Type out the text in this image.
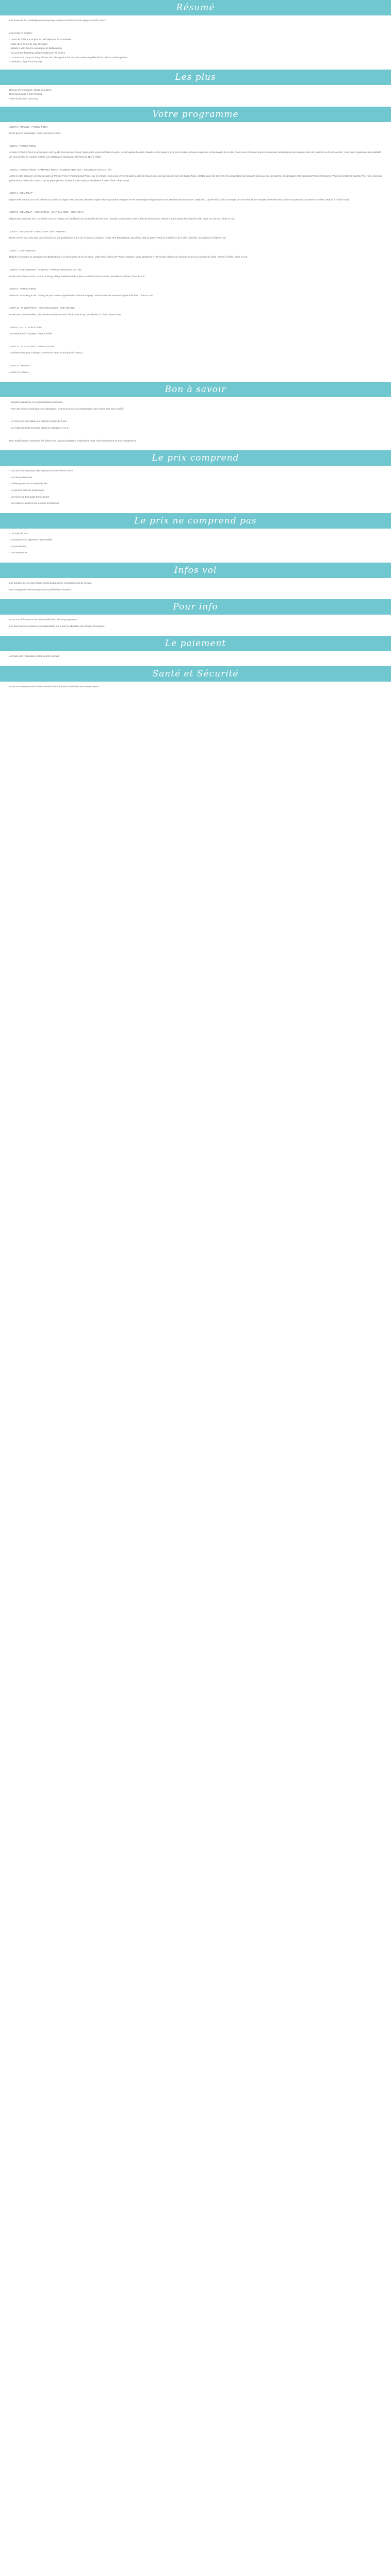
Résumé

Les hauteurs de Cambridge en mini groupe et séjour lumineux sur les pages de Irish Franco

LES POINTS FORTS :

- Lever de soleil aux Angkor et petit déjeuner au monastère

- Visite de la ferme de rose d'Angkor

- Balade à vélo dans la campagne de Battambang

- Découverte d'Oudong, village traditionnel de potiers

- La route Tsai Dong Sa Pang Phnom de Cheung Ek à Phnom pour mieux appréhender la culture cambodgienne

- Extension plage à Koh Rouge

Les plus

Découverte d'Oudong, village de potiers

Extension plage à Koh Rooung

Visite de la route Tsai Dong

Votre programme

JOUR 1 : FRANCE - PHNOM PENH

Envol pour le Cambodge. Nuit et services à bord.

JOUR 2 : PHNOM PENH

Arrivée à Phnom Penh et accueil par votre guide francophone. Dans l'après-midi, visite du Palais Royal et de la Pagode d'Argent. Balade sur les quais le long de la rivière du fleuve à parfaire la découverte de la ville. Vous vous promenez parmi les touristes cambodgiens qui viennent faire de l'exercice en fin de journée. Vous aurez également la possibilité de vous rendre au marché central, voir artisanat et l'ambiance des fleuves. Nuit à l'hôtel.

JOUR 3 : PHNOM PENH - KAMPONG THOM - SAMBOR PREI KUK - SIEM REAP (373 km - 7h)

Après le petit déjeuner, prenez la route de Phnom Penh vers Kampong Thom. Sur le chemin, vous vous arrêterez dans la ville de Skuon, plus connue sous le nom de Spider Town, célèbre pour ses chevres et la dégustation de bananes ainsi que sur un marché. Continuation vers Kampong Thom et déjeuner. Visite du temple de Sambor Prei Kuk, inscrit au patrimoine mondial de l'Unesco et site préangkorien. Arrivée à Siem Reap et installation à votre hôtel. Dîner et nuit.

JOUR 4 : SIEM REAP

Départ très matinal pour voir le lever du soleil sur Angkor Wat. Ensuite, direction Angkor Thom qui abrite le Bayon et ses 200 visages énigmatiques et la Terrasse des Éléphants. Déjeuner. L'après-midi, visite du temple de Ta Prohm et des temples de Preah Khan. Dîner et spectacle de danses khmères. Retour à l'hôtel et nuit.

JOUR 5 : SIEM REAP - KBAL SPEAN - BANTEAY SREI - SIEM REAP

Départ pour Banteay Srei, considéré comme le joyau de l'art khmer de la citadelle des femmes. Ensuite, continuation vers le site de Kbal Spean. Retour à Siem Reap dans l'après-midi. Visite du marché. Dîner et nuit.

JOUR 6 : SIEM REAP - TONLE SAP - BATTAMBANG

Route vers le lac Tonle Sap pour découvrir la vie quotidienne sur le lac à bord d'un bateau. Route vers Battambang, deuxième ville du pays. Visite du marché et de la ville coloniale. Installation à l'hôtel et nuit.

JOUR 7 : BATTAMBANG

Balade à vélo dans la campagne de Battambang à la découverte de la vie rurale. Visite de la colline de Phnom Sampov. Vous assisterez à l'envol des millions de chauves-souris au coucher du soleil. Retour à l'hôtel, dîner et nuit.

JOUR 8 : BATTAMBANG - OUDONG - PHNOM PENH (290 km - 5h)

Route vers Phnom Penh. Arrêt à Oudong, village traditionnel de potiers. Arrivée à Phnom Penh. Installation à l'hôtel. Dîner et nuit.

JOUR 9 : PHNOM PENH

Visite de Tuol Sleng et de Cheung Ek pour mieux appréhender l'histoire du pays. Visite du Musée National. Après-midi libre. Dîner et nuit.

JOUR 10 : PHNOM PENH - SIHANOUKVILLE - KOH ROUNG

Route vers Sihanoukville, puis transfert en bateau vers l'île de Koh Rong. Installation à l'hôtel. Dîner et nuit.

JOURS 11 & 12 : KOH ROUNG

Journées libres à la plage. Nuits à l'hôtel.

JOUR 13 : KOH ROUNG - PHNOM PENH

Transfert retour pour l'aéroport de Phnom Penh. Envol pour la France.

JOUR 14 : FRANCE

Arrivée en France.

Bon à savoir

- Départs garantis de 2 à 12 participants maximum.

- Pour des raisons techniques ou climatiques, le sens du circuit ou l'organisation des visites peut être modifié.

- Le circuit est accessible aux enfants à partir de 8 ans.

- Les hébergements sont des hôtels de catégorie 3* et 4*.

Des modifications concernant les hôtels sont toujours possibles. Cependant, nous vous informerons de tout changement.

Le prix comprend

- Les vols internationaux aller et retour France / Phnom Penh

- Les taxes aériennes

- L'hébergement en chambre double

- La pension selon le programme

- Les services d'un guide francophone

- Les visites et entrées sur les sites mentionnés

Le prix ne comprend pas

- Les frais de visa

- Les boissons et dépenses personnelles

- Les pourboires

- Les assurances

Infos vol

Les horaires de vol vous seront communiqués avec vos documents de voyage.

Les compagnies aériennes peuvent modifier leurs horaires.

Pour info

Nous vous informerons de toute modification liée au programme.

Les informations sanitaires sont disponibles sur le site du Ministère des Affaires étrangères.

Le paiement

Acompte à la réservation, solde avant le départ.

Santé et Sécurité

Nous vous recommandons de consulter les informations sanitaires avant votre départ.
